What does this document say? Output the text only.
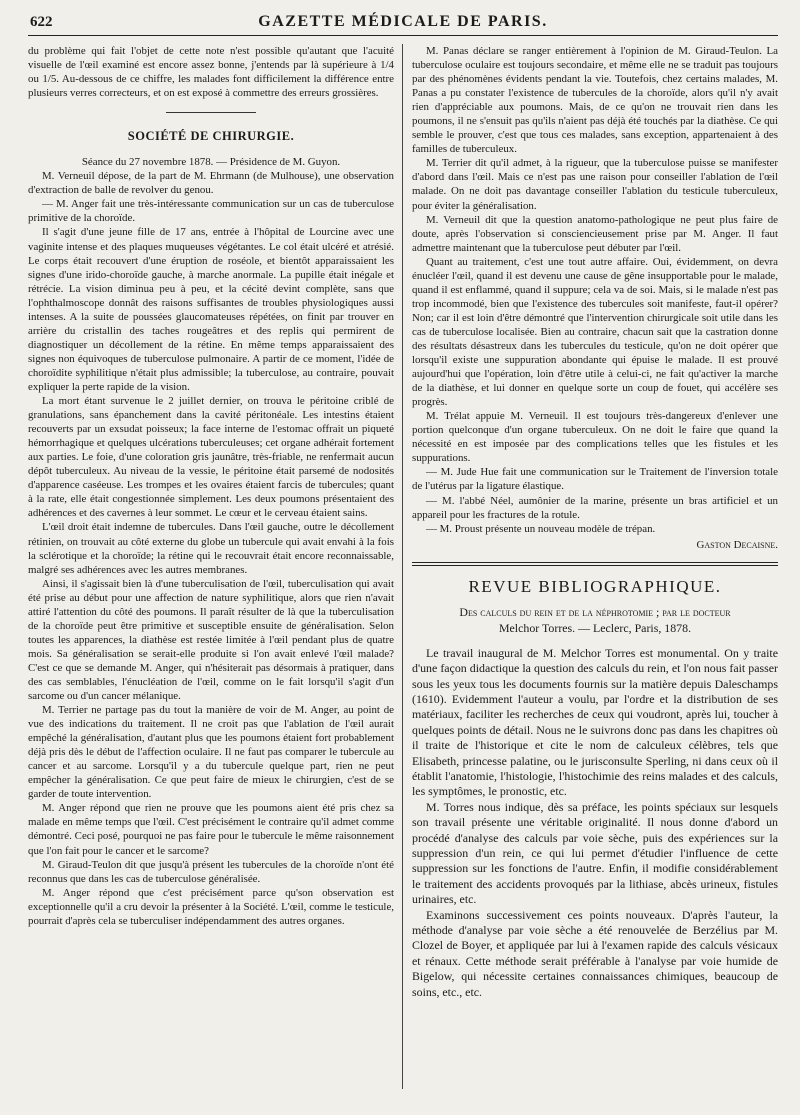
622	GAZETTE MÉDICALE DE PARIS.

du problème qui fait l'objet de cette note n'est possible qu'autant que l'acuité visuelle de l'œil examiné est encore assez bonne, j'entends par là supérieure à 1/4 ou 1/5. Au-dessous de ce chiffre, les malades font difficilement la différence entre plusieurs verres correcteurs, et on est exposé à commettre des erreurs grossières.

SOCIÉTÉ DE CHIRURGIE.

Séance du 27 novembre 1878. — Présidence de M. Guyon.

M. Verneuil dépose, de la part de M. Ehrmann (de Mulhouse), une observation d'extraction de balle de revolver du genou.

— M. Anger fait une très-intéressante communication sur un cas de tuberculose primitive de la choroïde.

Il s'agit d'une jeune fille de 17 ans, entrée à l'hôpital de Lourcine avec une vaginite intense et des plaques muqueuses végétantes. Le col était ulcéré et atrésié. Le corps était recouvert d'une éruption de roséole, et bientôt apparaissaient les signes d'une irido-choroïde gauche, à marche anormale. La pupille était inégale et rétrécie. La vision diminua peu à peu, et la cécité devint complète, sans que l'ophthalmoscope donnât des raisons suffisantes de troubles physiologiques aussi intenses. A la suite de poussées glaucomateuses répétées, on finit par trouver en arrière du cristallin des taches rougeâtres et des replis qui permirent de diagnostiquer un décollement de la rétine. En même temps apparaissaient des signes non équivoques de tuberculose pulmonaire. A partir de ce moment, l'idée de choroïdite syphilitique n'était plus admissible; la tuberculose, au contraire, pouvait expliquer la perte rapide de la vision.

La mort étant survenue le 2 juillet dernier, on trouva le péritoine criblé de granulations, sans épanchement dans la cavité péritonéale. Les intestins étaient recouverts par un exsudat poisseux; la face interne de l'estomac offrait un piqueté hémorrhagique et quelques ulcérations tuberculeuses; cet organe adhérait fortement aux parties. Le foie, d'une coloration gris jaunâtre, très-friable, ne renfermait aucun dépôt tuberculeux. Au niveau de la vessie, le péritoine était parsemé de nodosités d'apparence caséeuse. Les trompes et les ovaires étaient farcis de tubercules; quant à la rate, elle était congestionnée simplement. Les deux poumons présentaient des adhérences et des cavernes à leur sommet. Le cœur et le cerveau étaient sains.

L'œil droit était indemne de tubercules. Dans l'œil gauche, outre le décollement rétinien, on trouvait au côté externe du globe un tubercule qui avait envahi à la fois la sclérotique et la choroïde; la rétine qui le recouvrait était encore reconnaissable, malgré ses adhérences avec les autres membranes.

Ainsi, il s'agissait bien là d'une tuberculisation de l'œil, tuberculisation qui avait été prise au début pour une affection de nature syphilitique, alors que rien n'avait attiré l'attention du côté des poumons. Il paraît résulter de là que la tuberculisation de la choroïde peut être primitive et susceptible ensuite de généralisation. Selon toutes les apparences, la diathèse est restée limitée à l'œil pendant plus de quatre mois. Sa généralisation se serait-elle produite si l'on avait enlevé l'œil malade? C'est ce que se demande M. Anger, qui n'hésiterait pas désormais à pratiquer, dans des cas semblables, l'énucléation de l'œil, comme on le fait lorsqu'il s'agit d'un sarcome ou d'un cancer mélanique.

M. Terrier ne partage pas du tout la manière de voir de M. Anger, au point de vue des indications du traitement. Il ne croit pas que l'ablation de l'œil aurait empêché la généralisation, d'autant plus que les poumons étaient fort probablement déjà pris dès le début de l'affection oculaire. Il ne faut pas comparer le tubercule au cancer et au sarcome. Lorsqu'il y a du tubercule quelque part, rien ne peut empêcher la généralisation. Ce que peut faire de mieux le chirurgien, c'est de se garder de toute intervention.

M. Anger répond que rien ne prouve que les poumons aient été pris chez sa malade en même temps que l'œil. C'est précisément le contraire qu'il admet comme démontré. Ceci posé, pourquoi ne pas faire pour le tubercule le même raisonnement que l'on fait pour le cancer et le sarcome?

M. Giraud-Teulon dit que jusqu'à présent les tubercules de la choroïde n'ont été reconnus que dans les cas de tuberculose généralisée.

M. Anger répond que c'est précisément parce qu'son observation est exceptionnelle qu'il a cru devoir la présenter à la Société. L'œil, comme le testicule, pourrait d'après cela se tuberculiser indépendamment des autres organes.

M. Panas déclare se ranger entièrement à l'opinion de M. Giraud-Teulon. La tuberculose oculaire est toujours secondaire, et même elle ne se traduit pas toujours par des phénomènes évidents pendant la vie. Toutefois, chez certains malades, M. Panas a pu constater l'existence de tubercules de la choroïde, alors qu'il n'y avait rien d'appréciable aux poumons. Mais, de ce qu'on ne trouvait rien dans les poumons, il ne s'ensuit pas qu'ils n'aient pas déjà été touchés par la diathèse. Ce qui semble le prouver, c'est que tous ces malades, sans exception, appartenaient à des familles de tuberculeux.

M. Terrier dit qu'il admet, à la rigueur, que la tuberculose puisse se manifester d'abord dans l'œil. Mais ce n'est pas une raison pour conseiller l'ablation de l'œil malade. On ne doit pas davantage conseiller l'ablation du testicule tuberculeux, pour éviter la généralisation.

M. Verneuil dit que la question anatomo-pathologique ne peut plus faire de doute, après l'observation si consciencieusement prise par M. Anger. Il faut admettre maintenant que la tuberculose peut débuter par l'œil.

Quant au traitement, c'est une tout autre affaire. Oui, évidemment, on devra énucléer l'œil, quand il est devenu une cause de gêne insupportable pour le malade, quand il est enflammé, quand il suppure; cela va de soi. Mais, si le malade n'est pas trop incommodé, bien que l'existence des tubercules soit manifeste, faut-il opérer? Non; car il est loin d'être démontré que l'intervention chirurgicale soit utile dans les cas de tuberculose localisée. Bien au contraire, chacun sait que la castration donne des résultats désastreux dans les tubercules du testicule, qu'on ne doit opérer que lorsqu'il existe une suppuration abondante qui épuise le malade. Il est prouvé aujourd'hui que l'opération, loin d'être utile à celui-ci, ne fait qu'activer la marche de la diathèse, et lui donner en quelque sorte un coup de fouet, qui accélère ses progrès.

M. Trélat appuie M. Verneuil. Il est toujours très-dangereux d'enlever une portion quelconque d'un organe tuberculeux. On ne doit le faire que quand la nécessité en est imposée par des complications telles que les fistules et les suppurations.

— M. Jude Hue fait une communication sur le Traitement de l'inversion totale de l'utérus par la ligature élastique.

— M. l'abbé Néel, aumônier de la marine, présente un bras artificiel et un appareil pour les fractures de la rotule.

— M. Proust présente un nouveau modèle de trépan.

Gaston Decaisne.

REVUE BIBLIOGRAPHIQUE.
Des calculs du rein et de la néphrotomie ; par le docteur
Melchor Torres. — Leclerc, Paris, 1878.

Le travail inaugural de M. Melchor Torres est monumental. On y traite d'une façon didactique la question des calculs du rein, et l'on nous fait passer sous les yeux tous les documents fournis sur la matière depuis Daleschamps (1610). Evidemment l'auteur a voulu, par l'ordre et la distribution de ses matériaux, faciliter les recherches de ceux qui voudront, après lui, toucher à quelques points de détail. Nous ne le suivrons donc pas dans les chapitres où il traite de l'historique et cite le nom de calculeux célèbres, tels que Elisabeth, princesse palatine, ou le jurisconsulte Sperling, ni dans ceux où il établit l'anatomie, l'histologie, l'histochimie des reins malades et des calculs, les symptômes, le pronostic, etc.

M. Torres nous indique, dès sa préface, les points spéciaux sur lesquels son travail présente une véritable originalité. Il nous donne d'abord un procédé d'analyse des calculs par voie sèche, puis des expériences sur la suppression d'un rein, ce qui lui permet d'étudier l'influence de cette suppression sur les fonctions de l'autre. Enfin, il modifie considérablement le traitement des accidents provoqués par la lithiase, abcès urineux, fistules urinaires, etc.

Examinons successivement ces points nouveaux. D'après l'auteur, la méthode d'analyse par voie sèche a été renouvelée de Berzélius par M. Clozel de Boyer, et appliquée par lui à l'examen rapide des calculs vésicaux et rénaux. Cette méthode serait préférable à l'analyse par voie humide de Bigelow, qui nécessite certaines connaissances chimiques, beaucoup de soins, etc., etc.
